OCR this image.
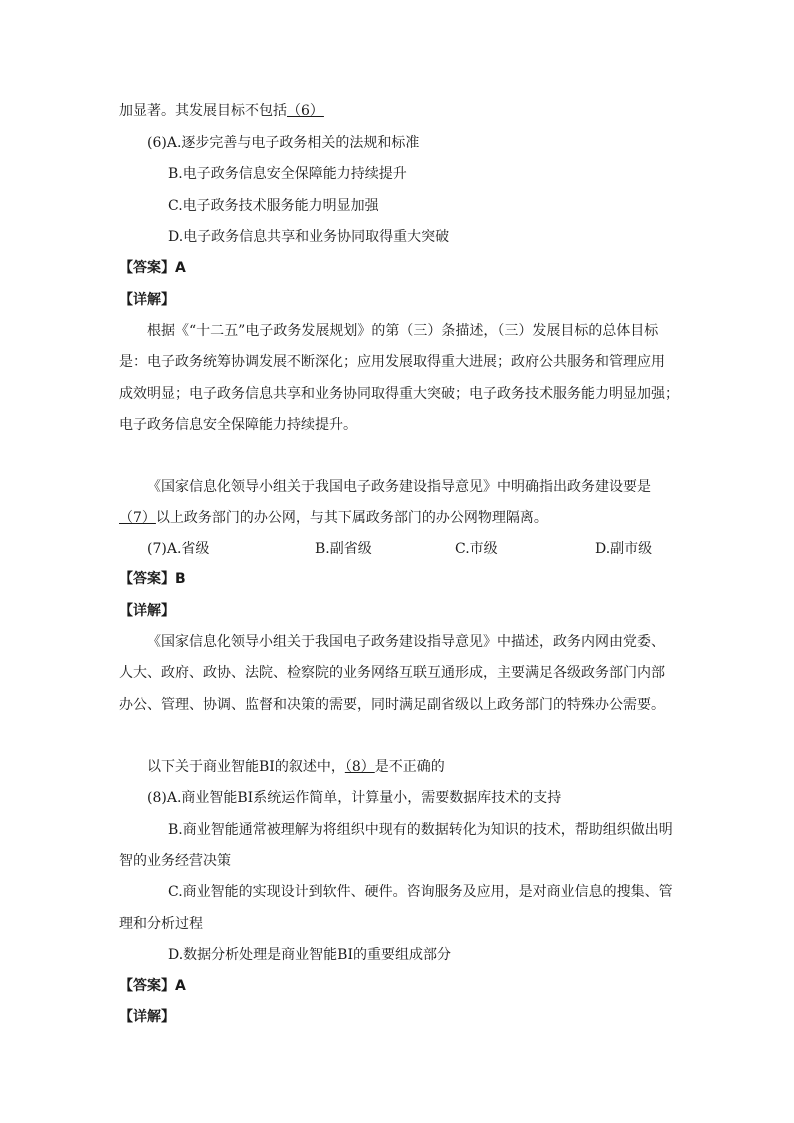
加显著。其发展目标不包括（6）
(6)A.逐步完善与电子政务相关的法规和标准
B.电子政务信息安全保障能力持续提升
C.电子政务技术服务能力明显加强
D.电子政务信息共享和业务协同取得重大突破
【答案】A
【详解】
根据《“十二五”电子政务发展规划》的第（三）条描述，（三）发展目标的总体目标
是：电子政务统筹协调发展不断深化；应用发展取得重大进展；政府公共服务和管理应用
成效明显；电子政务信息共享和业务协同取得重大突破；电子政务技术服务能力明显加强；
电子政务信息安全保障能力持续提升。
《国家信息化领导小组关于我国电子政务建设指导意见》中明确指出政务建设要是
（7）以上政务部门的办公网，与其下属政务部门的办公网物理隔离。
(7)A.省级	B.副省级	C.市级	D.副市级
【答案】B
【详解】
《国家信息化领导小组关于我国电子政务建设指导意见》中描述，政务内网由党委、
人大、政府、政协、法院、检察院的业务网络互联互通形成，主要满足各级政务部门内部
办公、管理、协调、监督和决策的需要，同时满足副省级以上政务部门的特殊办公需要。
以下关于商业智能BI的叙述中，（8）是不正确的
(8)A.商业智能BI系统运作简单，计算量小，需要数据库技术的支持
B.商业智能通常被理解为将组织中现有的数据转化为知识的技术，帮助组织做出明
智的业务经营决策
C.商业智能的实现设计到软件、硬件。咨询服务及应用，是对商业信息的搜集、管
理和分析过程
D.数据分析处理是商业智能BI的重要组成部分
【答案】A
【详解】
